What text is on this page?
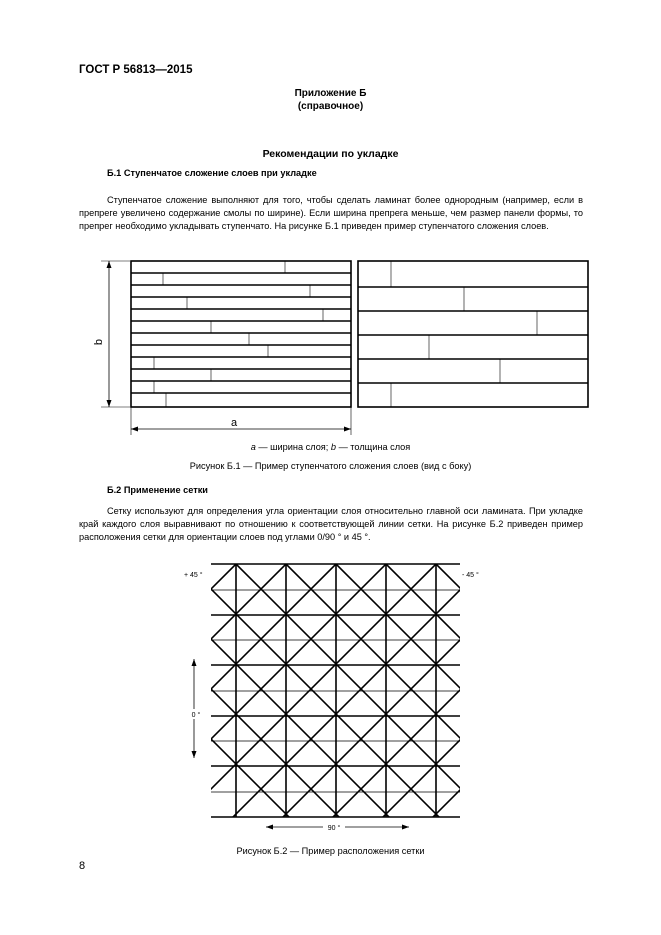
ГОСТ Р 56813—2015
Приложение Б
(справочное)
Рекомендации по укладке
Б.1 Ступенчатое сложение слоев при укладке
Ступенчатое сложение выполняют для того, чтобы сделать ламинат более однородным (например, если в препреге увеличено содержание смолы по ширине). Если ширина препрега меньше, чем размер панели формы, то препрег необходимо укладывать ступенчато. На рисунке Б.1 приведен пример ступенчатого сложения слоев.
b
a
a — ширина слоя; b — толщина слоя
Рисунок Б.1 — Пример ступенчатого сложения слоев (вид с боку)
Б.2 Применение сетки
Сетку используют для определения угла ориентации слоя относительно главной оси ламината. При укладке край каждого слоя выравнивают по отношению к соответствующей линии сетки. На рисунке Б.2 приведен пример расположения сетки для ориентации слоев под углами 0/90 ° и 45 °.
+ 45 °	- 45 °
0 °
90 °
Рисунок Б.2 — Пример расположения сетки
8
